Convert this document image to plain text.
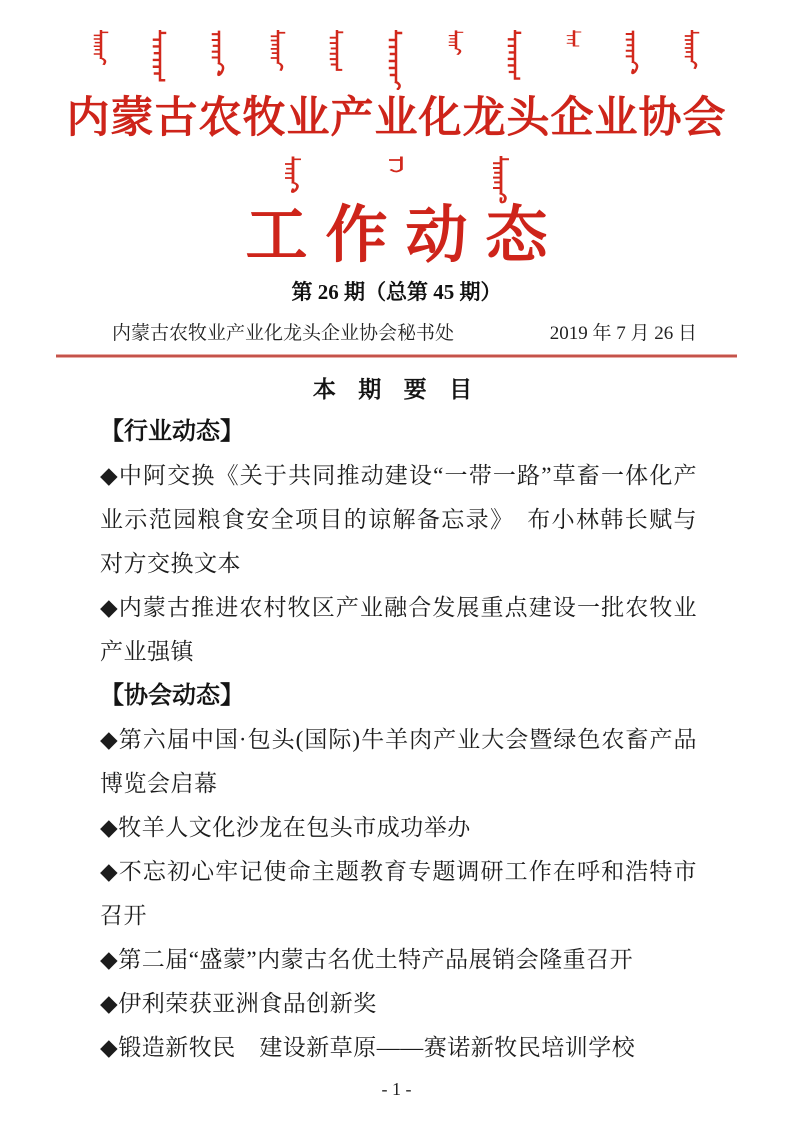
内蒙古农牧业产业化龙头企业协会
工作动态
第 26 期（总第 45 期）
内蒙古农牧业产业化龙头企业协会秘书处	2019 年 7 月 26 日
本 期 要 目
【行业动态】

◆中阿交换《关于共同推动建设“一带一路”草畜一体化产业示范园粮食安全项目的谅解备忘录》　布小林韩长赋与对方交换文本

◆内蒙古推进农村牧区产业融合发展重点建设一批农牧业产业强镇

【协会动态】

◆第六届中国·包头(国际)牛羊肉产业大会暨绿色农畜产品博览会启幕

◆牧羊人文化沙龙在包头市成功举办

◆不忘初心牢记使命主题教育专题调研工作在呼和浩特市召开

◆第二届“盛蒙”内蒙古名优土特产品展销会隆重召开

◆伊利荣获亚洲食品创新奖

◆锻造新牧民　建设新草原——赛诺新牧民培训学校

- 1 -
